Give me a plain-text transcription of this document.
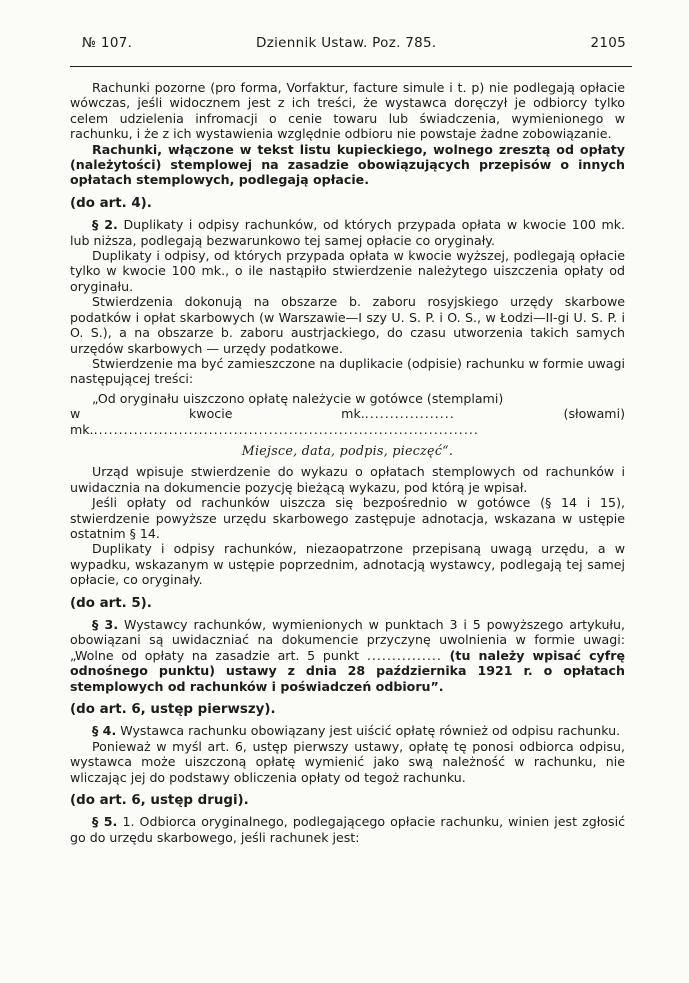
№ 107.	Dziennik Ustaw. Poz. 785.	2105

Rachunki pozorne (pro forma, Vorfaktur, facture simule i t. p) nie podlegają opłacie wówczas, jeśli widocznem jest z ich treści, że wystawca doręczył je odbiorcy tylko celem udzielenia infromacji o cenie towaru lub świadczenia, wymienionego w rachunku, i że z ich wystawienia względnie odbioru nie powstaje żadne zobowiązanie.

Rachunki, włączone w tekst listu kupieckiego, wolnego zresztą od opłaty (należytości) stemplowej na zasadzie obowiązujących przepisów o innych opłatach stemplowych, podlegają opłacie.

(do art. 4).

§ 2. Duplikaty i odpisy rachunków, od których przypada opłata w kwocie 100 mk. lub niższa, podlegają bezwarunkowo tej samej opłacie co oryginały.

Duplikaty i odpisy, od których przypada opłata w kwocie wyższej, podlegają opłacie tylko w kwocie 100 mk., o ile nastąpiło stwierdzenie należytego uiszczenia opłaty od oryginału.

Stwierdzenia dokonują na obszarze b. zaboru rosyjskiego urzędy skarbowe podatków i opłat skarbowych (w Warszawie—I szy U. S. P. i O. S., w Łodzi—II-gi U. S. P. i O. S.), a na obszarze b. zaboru austrjackiego, do czasu utworzenia takich samych urzędów skarbowych — urzędy podatkowe.

Stwierdzenie ma być zamieszczone na duplikacie (odpisie) rachunku w formie uwagi następującej treści:

„Od oryginału uiszczono opłatę należycie w gotówce (stemplami)

w kwocie mk...................	(słowami) mk..............................................................................

Miejsce, data, podpis, pieczęć“.

Urząd wpisuje stwierdzenie do wykazu o opłatach stemplowych od rachunków i uwidacznia na dokumencie pozycję bieżącą wykazu, pod którą je wpisał.

Jeśli opłaty od rachunków uiszcza się bezpośrednio w gotówce (§ 14 i 15), stwierdzenie powyższe urzędu skarbowego zastępuje adnotacja, wskazana w ustępie ostatnim § 14.

Duplikaty i odpisy rachunków, niezaopatrzone przepisaną uwagą urzędu, a w wypadku, wskazanym w ustępie poprzednim, adnotacją wystawcy, podlegają tej samej opłacie, co oryginały.

(do art. 5).

§ 3. Wystawcy rachunków, wymienionych w punktach 3 i 5 powyższego artykułu, obowiązani są uwidaczniać na dokumencie przyczynę uwolnienia w formie uwagi: „Wolne od opłaty na zasadzie art. 5 punkt ............... (tu należy wpisać cyfrę odnośnego punktu) ustawy z dnia 28 października 1921 r. o opłatach stemplowych od rachunków i poświadczeń odbioru”.

(do art. 6, ustęp pierwszy).

§ 4. Wystawca rachunku obowiązany jest uiścić opłatę również od odpisu rachunku.

Ponieważ w myśl art. 6, ustęp pierwszy ustawy, opłatę tę ponosi odbiorca odpisu, wystawca może uiszczoną opłatę wymienić jako swą należność w rachunku, nie wliczając jej do podstawy obliczenia opłaty od tegoż rachunku.

(do art. 6, ustęp drugi).

§ 5. 1. Odbiorca oryginalnego, podlegającego opłacie rachunku, winien jest zgłosić go do urzędu skarbowego, jeśli rachunek jest:
